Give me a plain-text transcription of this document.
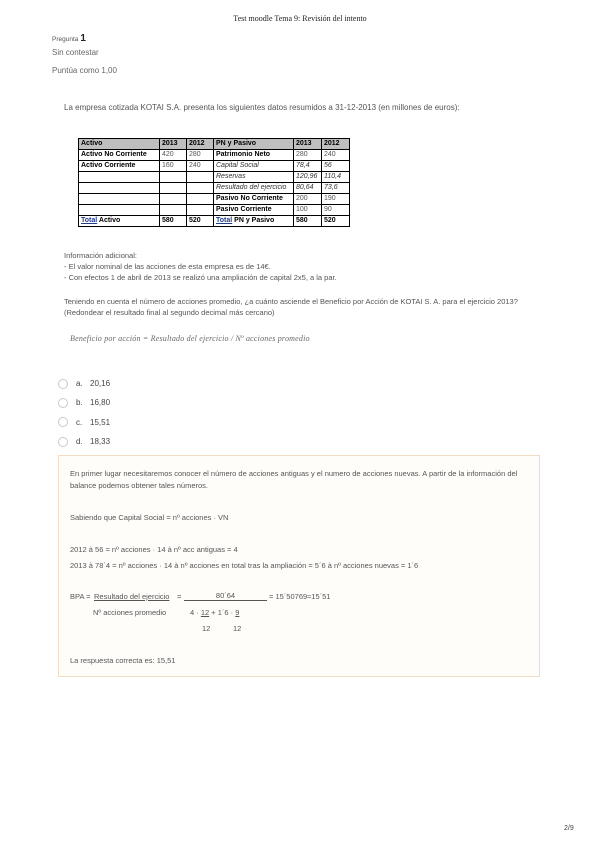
Test moodle Tema 9: Revisión del intento
Pregunta 1
Sin contestar
Puntúa como 1,00
La empresa cotizada KOTAI S.A. presenta los siguientes datos resumidos a 31-12-2013 (en millones de euros):
Activo	2013	2012	PN y Pasivo	2013	2012
Activo No Corriente	420	280	Patrimonio Neto	280	240
Activo Corriente	160	240	Capital Social	78,4	56
			Reservas	120,96	110,4
			Resultado del ejercicio	80,64	73,6
			Pasivo No Corriente	200	190
			Pasivo Corriente	100	90
Total Activo	580	520	Total PN y Pasivo	580	520
Información adicional:
- El valor nominal de las acciones de esta empresa es de 14€.
- Con efectos 1 de abril de 2013 se realizó una ampliación de capital 2x5, a la par.
Teniendo en cuenta el número de acciones promedio, ¿a cuánto asciende el Beneficio por Acción de KOTAI S. A. para el ejercicio 2013?
(Redondear el resultado final al segundo decimal más cercano)
Beneficio por acción = Resultado del ejercicio / Nº acciones promedio
a. 20,16
b. 16,80
c. 15,51
d. 18,33
En primer lugar necesitaremos conocer el número de acciones antiguas y el numero de acciones nuevas. A partir de la información del
balance podemos obtener tales números.
Sabiendo que Capital Social = nº acciones · VN
2012 à 56 = nº acciones · 14 à nº acc antiguas = 4
2013 à 78´4 = nº acciones · 14 à nº acciones en total tras la ampliación = 5´6 à nº acciones nuevas = 1´6
BPA = Resultado del ejercicio =	80´64	= 15´50769≈15´51
Nº acciones promedio	4 · 12 + 1´6 · 9
12	12
La respuesta correcta es: 15,51
2/9
